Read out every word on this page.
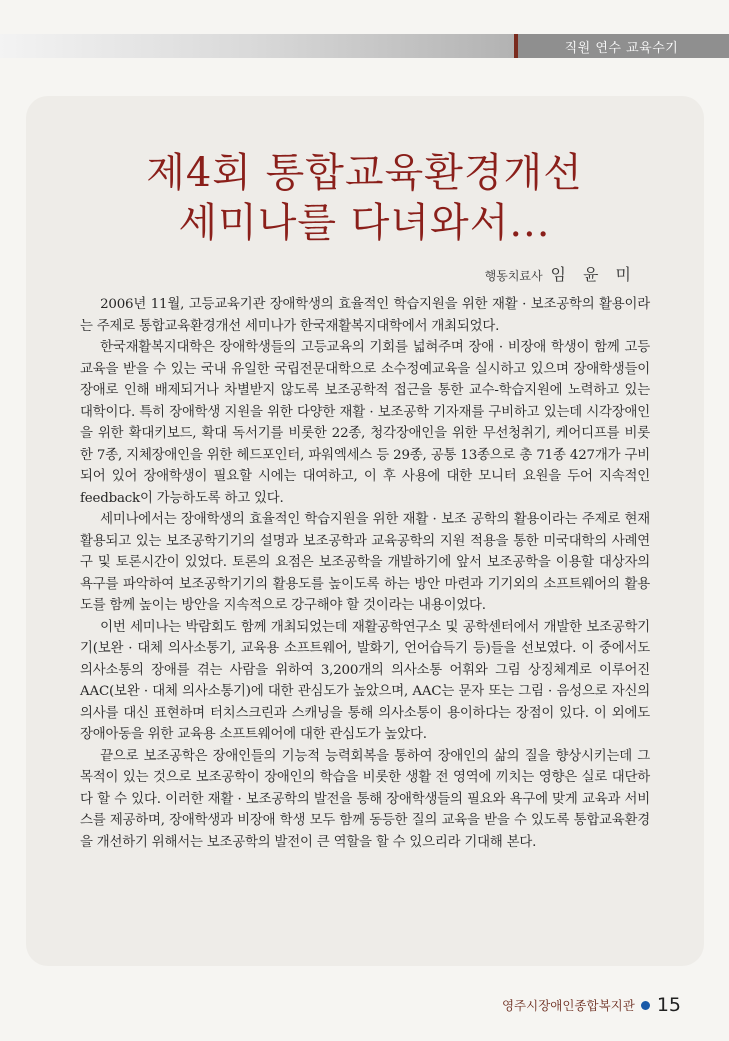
직원 연수 교육수기
제4회 통합교육환경개선
세미나를 다녀와서...
행동치료사 임 윤 미

2006년 11월, 고등교육기관 장애학생의 효율적인 학습지원을 위한 재활 · 보조공학의 활용이라는 주제로 통합교육환경개선 세미나가 한국재활복지대학에서 개최되었다.

한국재활복지대학은 장애학생들의 고등교육의 기회를 넓혀주며 장애 · 비장애 학생이 함께 고등교육을 받을 수 있는 국내 유일한 국립전문대학으로 소수정예교육을 실시하고 있으며 장애학생들이 장애로 인해 배제되거나 차별받지 않도록 보조공학적 접근을 통한 교수-학습지원에 노력하고 있는 대학이다. 특히 장애학생 지원을 위한 다양한 재활 · 보조공학 기자재를 구비하고 있는데 시각장애인을 위한 확대키보드, 확대 독서기를 비롯한 22종, 청각장애인을 위한 무선청취기, 케어디프를 비롯한 7종, 지체장애인을 위한 헤드포인터, 파워엑세스 등 29종, 공통 13종으로 총 71종 427개가 구비되어 있어 장애학생이 필요할 시에는 대여하고, 이 후 사용에 대한 모니터 요원을 두어 지속적인 feedback이 가능하도록 하고 있다.

세미나에서는 장애학생의 효율적인 학습지원을 위한 재활 · 보조 공학의 활용이라는 주제로 현재 활용되고 있는 보조공학기기의 설명과 보조공학과 교육공학의 지원 적용을 통한 미국대학의 사례연구 및 토론시간이 있었다. 토론의 요점은 보조공학을 개발하기에 앞서 보조공학을 이용할 대상자의 욕구를 파악하여 보조공학기기의 활용도를 높이도록 하는 방안 마련과 기기외의 소프트웨어의 활용도를 함께 높이는 방안을 지속적으로 강구해야 할 것이라는 내용이었다.

이번 세미나는 박람회도 함께 개최되었는데 재활공학연구소 및 공학센터에서 개발한 보조공학기기(보완 · 대체 의사소통기, 교육용 소프트웨어, 발화기, 언어습득기 등)들을 선보였다. 이 중에서도 의사소통의 장애를 겪는 사람을 위하여 3,200개의 의사소통 어휘와 그림 상징체계로 이루어진 AAC(보완 · 대체 의사소통기)에 대한 관심도가 높았으며, AAC는 문자 또는 그림 · 음성으로 자신의 의사를 대신 표현하며 터치스크린과 스캐닝을 통해 의사소통이 용이하다는 장점이 있다. 이 외에도 장애아동을 위한 교육용 소프트웨어에 대한 관심도가 높았다.

끝으로 보조공학은 장애인들의 기능적 능력회복을 통하여 장애인의 삶의 질을 향상시키는데 그 목적이 있는 것으로 보조공학이 장애인의 학습을 비롯한 생활 전 영역에 끼치는 영향은 실로 대단하다 할 수 있다. 이러한 재활 · 보조공학의 발전을 통해 장애학생들의 필요와 욕구에 맞게 교육과 서비스를 제공하며, 장애학생과 비장애 학생 모두 함께 동등한 질의 교육을 받을 수 있도록 통합교육환경을 개선하기 위해서는 보조공학의 발전이 큰 역할을 할 수 있으리라 기대해 본다.

영주시장애인종합복지관 15
